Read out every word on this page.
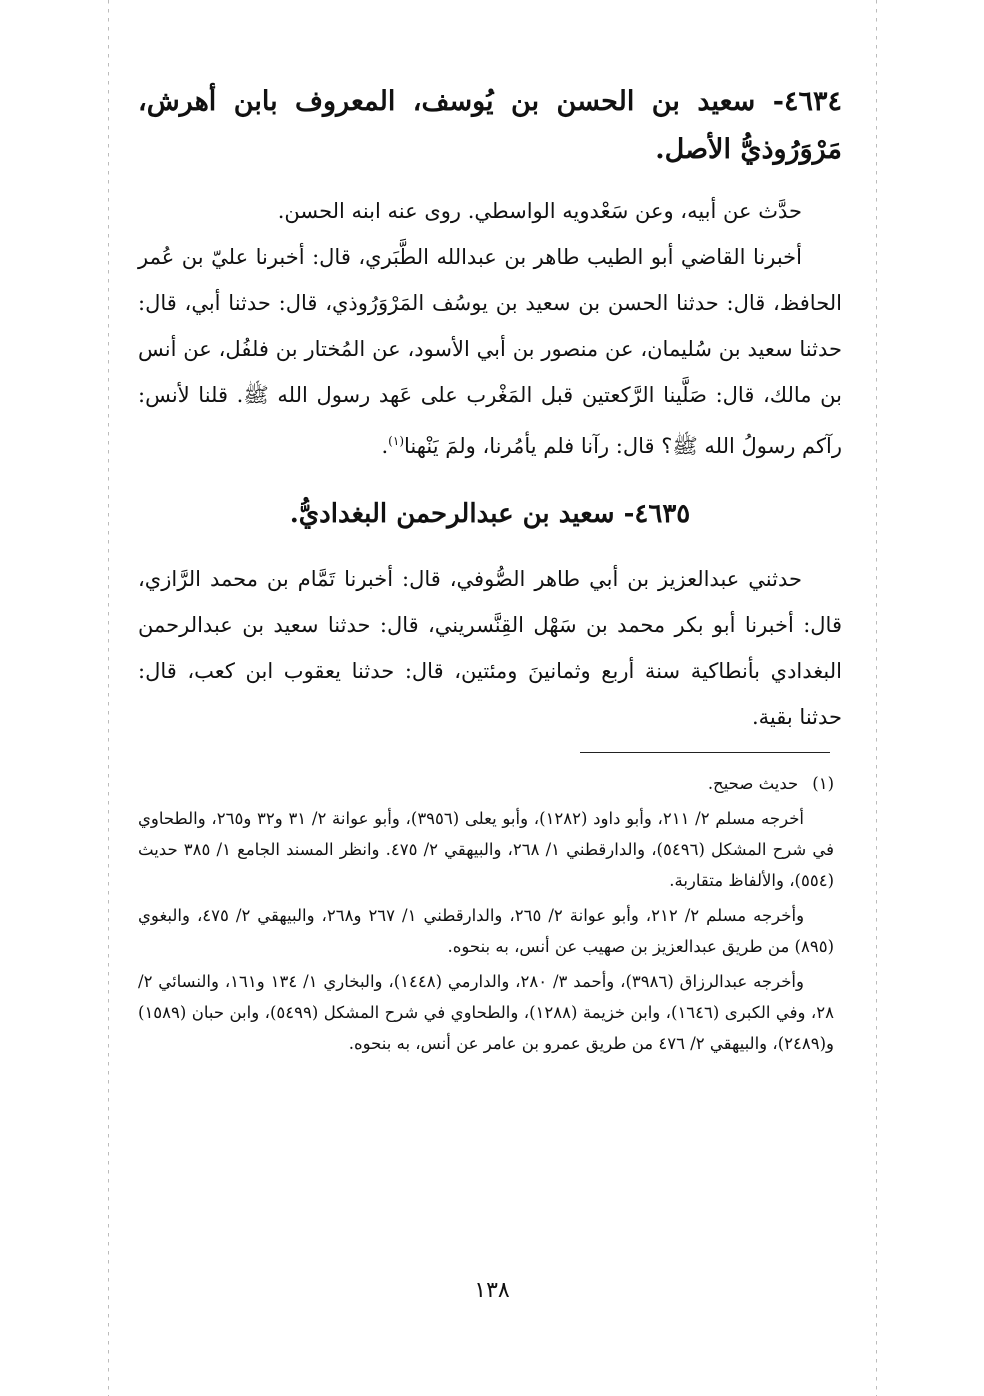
٤٦٣٤- سعيد بن الحسن بن يُوسف، المعروف بابن أهرش، مَرْوَرُوذيُّ الأصل.

حدَّث عن أبيه، وعن سَعْدويه الواسطي. روى عنه ابنه الحسن.

أخبرنا القاضي أبو الطيب طاهر بن عبدالله الطَّبَري، قال: أخبرنا عليّ بن عُمر الحافظ، قال: حدثنا الحسن بن سعيد بن يوسُف المَرْوَرُوذي، قال: حدثنا أبي، قال: حدثنا سعيد بن سُليمان، عن منصور بن أبي الأسود، عن المُختار بن فلفُل، عن أنس بن مالك، قال: صَلَّينا الرَّكعتين قبل المَغْرب على عَهد رسول الله ﷺ. قلنا لأنس: رآكم رسولُ الله ﷺ؟ قال: رآنا فلم يأمُرنا، ولمَ يَنْهنا$^{(١)}$.

٤٦٣٥- سعيد بن عبدالرحمن البغداديُّ.

حدثني عبدالعزيز بن أبي طاهر الصُّوفي، قال: أخبرنا تَمَّام بن محمد الرَّازي، قال: أخبرنا أبو بكر محمد بن سَهْل القِنَّسريني، قال: حدثنا سعيد بن عبدالرحمن البغدادي بأنطاكية سنة أربع وثمانينَ ومئتين، قال: حدثنا يعقوب ابن كعب، قال: حدثنا بقية.

(١)
حديث صحيح.

أخرجه مسلم ٢/ ٢١١، وأبو داود (١٢٨٢)، وأبو يعلى (٣٩٥٦)، وأبو عوانة ٢/ ٣١ و٣٢ و٢٦٥، والطحاوي في شرح المشكل (٥٤٩٦)، والدارقطني ١/ ٢٦٨، والبيهقي ٢/ ٤٧٥. وانظر المسند الجامع ١/ ٣٨٥ حديث (٥٥٤)، والألفاظ متقاربة.

وأخرجه مسلم ٢/ ٢١٢، وأبو عوانة ٢/ ٢٦٥، والدارقطني ١/ ٢٦٧ و٢٦٨، والبيهقي ٢/ ٤٧٥، والبغوي (٨٩٥) من طريق عبدالعزيز بن صهيب عن أنس، به بنحوه.

وأخرجه عبدالرزاق (٣٩٨٦)، وأحمد ٣/ ٢٨٠، والدارمي (١٤٤٨)، والبخاري ١/ ١٣٤ و١٦١، والنسائي ٢/ ٢٨، وفي الكبرى (١٦٤٦)، وابن خزيمة (١٢٨٨)، والطحاوي في شرح المشكل (٥٤٩٩)، وابن حبان (١٥٨٩) و(٢٤٨٩)، والبيهقي ٢/ ٤٧٦ من طريق عمرو بن عامر عن أنس، به بنحوه.

١٣٨
